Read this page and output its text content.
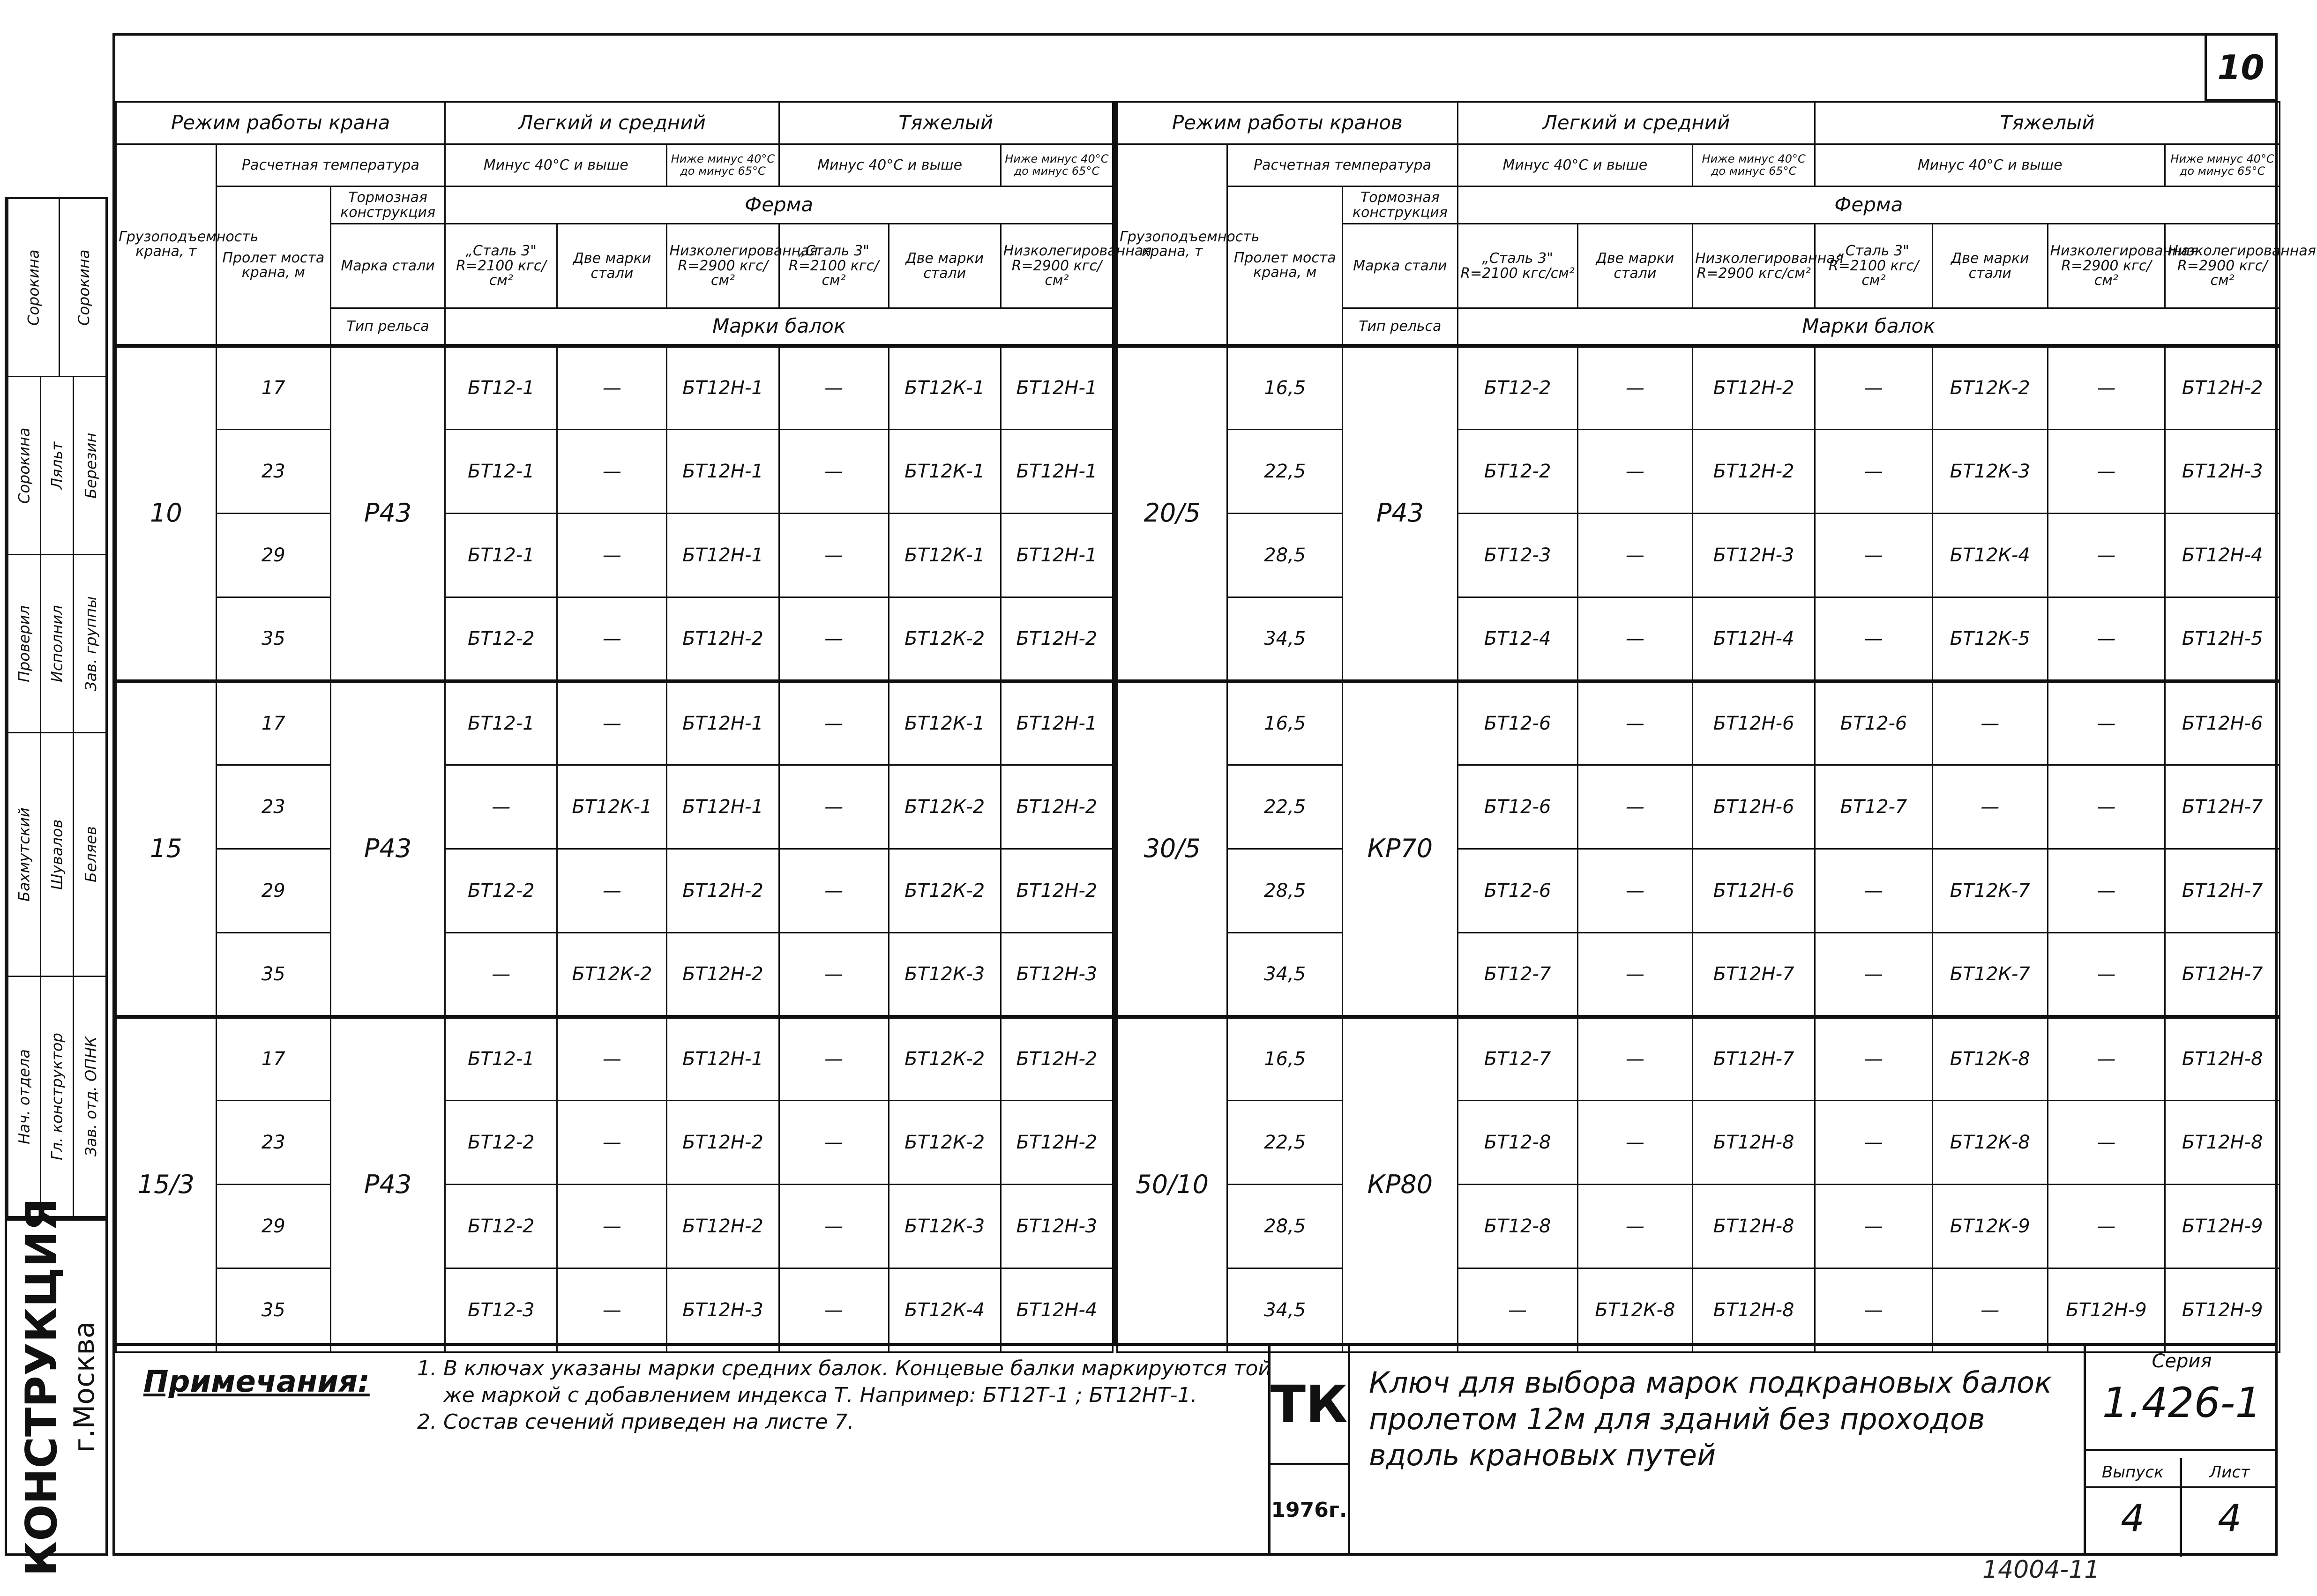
10
Режим работы крана			Легкий и средний			Тяжелый		
Грузоподъемность крана, т	Расчетная температура		Минус 40°С и выше		Ниже минус 40°С до минус 65°С	Минус 40°С и выше		Ниже минус 40°С до минус 65°С
	Пролет моста крана, м	Тормозная конструкция	Ферма					
		Марка стали	„Сталь 3" R=2100 кгс/см²	Две марки стали	Низколегированная R=2900 кгс/см²	„Сталь 3" R=2100 кгс/см²	Две марки стали	Низколегированная R=2900 кгс/см²
		Тип рельса	Марки балок					
10	17	Р43	БТ12-1	—	БТ12Н-1	—	БТ12К-1	БТ12Н-1
	23		БТ12-1	—	БТ12Н-1	—	БТ12К-1	БТ12Н-1
	29		БТ12-1	—	БТ12Н-1	—	БТ12К-1	БТ12Н-1
	35		БТ12-2	—	БТ12Н-2	—	БТ12К-2	БТ12Н-2
15	17	Р43	БТ12-1	—	БТ12Н-1	—	БТ12К-1	БТ12Н-1
	23		—	БТ12К-1	БТ12Н-1	—	БТ12К-2	БТ12Н-2
	29		БТ12-2	—	БТ12Н-2	—	БТ12К-2	БТ12Н-2
	35		—	БТ12К-2	БТ12Н-2	—	БТ12К-3	БТ12Н-3
15/3	17	Р43	БТ12-1	—	БТ12Н-1	—	БТ12К-2	БТ12Н-2
	23		БТ12-2	—	БТ12Н-2	—	БТ12К-2	БТ12Н-2
	29		БТ12-2	—	БТ12Н-2	—	БТ12К-3	БТ12Н-3
	35		БТ12-3	—	БТ12Н-3	—	БТ12К-4	БТ12Н-4
Режим работы кранов			Легкий и средний			Тяжелый			
Грузоподъемность крана, т	Расчетная температура		Минус 40°С и выше		Ниже минус 40°С до минус 65°С	Минус 40°С и выше			Ниже минус 40°С до минус 65°С
	Пролет моста крана, м	Тормозная конструкция	Ферма						
		Марка стали	„Сталь 3" R=2100 кгс/см²	Две марки стали	Низколегированная R=2900 кгс/см²	„Сталь 3" R=2100 кгс/см²	Две марки стали	Низколегированная R=2900 кгс/см²	Низколегированная R=2900 кгс/см²
		Тип рельса	Марки балок						
20/5	16,5	Р43	БТ12-2	—	БТ12Н-2	—	БТ12К-2	—	БТ12Н-2
	22,5		БТ12-2	—	БТ12Н-2	—	БТ12К-3	—	БТ12Н-3
	28,5		БТ12-3	—	БТ12Н-3	—	БТ12К-4	—	БТ12Н-4
	34,5		БТ12-4	—	БТ12Н-4	—	БТ12К-5	—	БТ12Н-5
30/5	16,5	КР70	БТ12-6	—	БТ12Н-6	БТ12-6	—	—	БТ12Н-6
	22,5		БТ12-6	—	БТ12Н-6	БТ12-7	—	—	БТ12Н-7
	28,5		БТ12-6	—	БТ12Н-6	—	БТ12К-7	—	БТ12Н-7
	34,5		БТ12-7	—	БТ12Н-7	—	БТ12К-7	—	БТ12Н-7
50/10	16,5	КР80	БТ12-7	—	БТ12Н-7	—	БТ12К-8	—	БТ12Н-8
	22,5		БТ12-8	—	БТ12Н-8	—	БТ12К-8	—	БТ12Н-8
	28,5		БТ12-8	—	БТ12Н-8	—	БТ12К-9	—	БТ12Н-9
	34,5		—	БТ12К-8	БТ12Н-8	—	—	БТ12Н-9	БТ12Н-9
Примечания:	1. В ключах указаны марки средних балок. Концевые балки маркируются той же маркой с добавлением индекса Т. Например: БТ12Т-1 ; БТ12НТ-1.
2. Состав сечений приведен на листе 7.	ТК
1976г.
Ключ для выбора марок подкрановых балок пролетом 12м для зданий без проходов вдоль крановых путей
Серия
1.426-1
Выпуск
4
Лист
4
Сорокина	Сорокина
Сорокина	Ляльт	Березин
Проверил	Исполнил	Зав. группы
Бахмутский	Шувалов	Беляев
Нач. отдела	Гл. конструктор	Зав. отд. ОПНК
КОНСТРУКЦИЯ г.Москва
14004-11
